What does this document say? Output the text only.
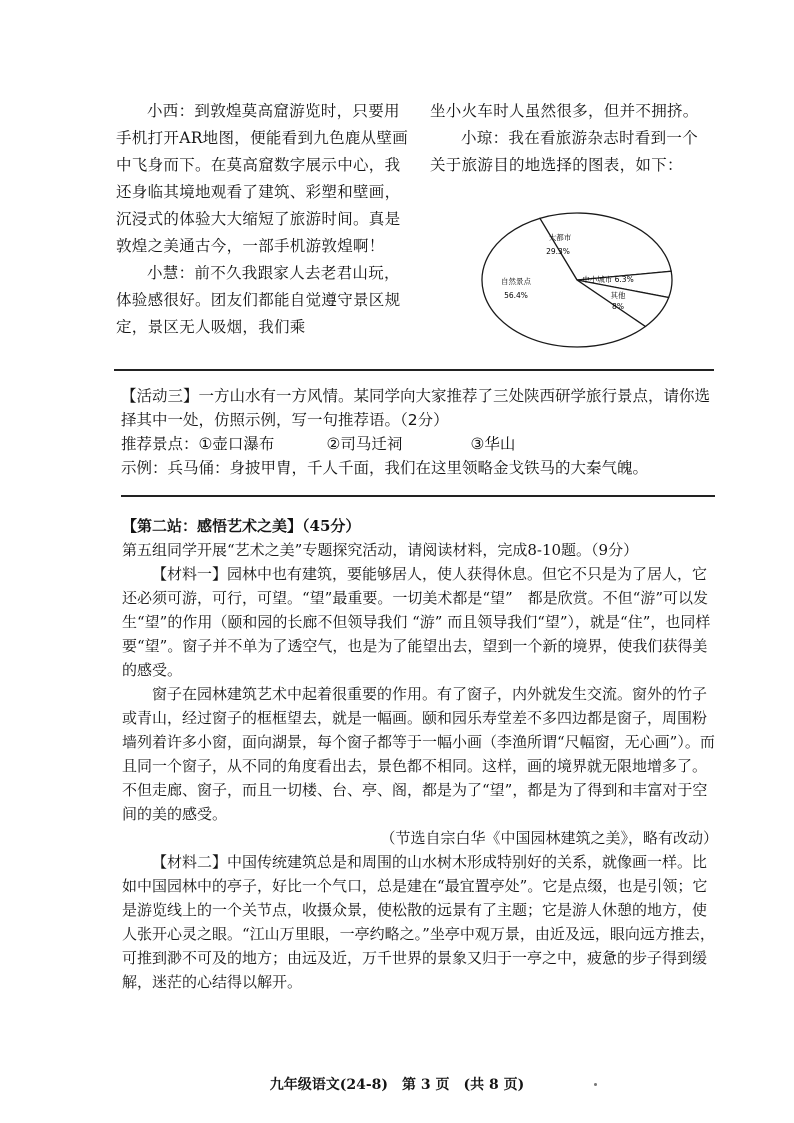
小西：到敦煌莫高窟游览时，只要用手机打开AR地图，便能看到九色鹿从壁画中飞身而下。在莫高窟数字展示中心，我还身临其境地观看了建筑、彩塑和壁画，沉浸式的体验大大缩短了旅游时间。真是敦煌之美通古今，一部手机游敦煌啊！

小慧：前不久我跟家人去老君山玩，体验感很好。团友们都能自觉遵守景区规定，景区无人吸烟，我们乘

坐小火车时人虽然很多，但并不拥挤。

小琼：我在看旅游杂志时看到一个关于旅游目的地选择的图表，如下：

自然景点
56.4%
大都市
29.3%
中小城市 6.3%
其他
8%

【活动三】一方山水有一方风情。某同学向大家推荐了三处陕西研学旅行景点，请你选择其中一处，仿照示例，写一句推荐语。（2分）

推荐景点：①壶口瀑布	②司马迁祠	③华山

示例：兵马俑：身披甲胄，千人千面，我们在这里领略金戈铁马的大秦气魄。

【第二站：感悟艺术之美】（45分）

第五组同学开展“艺术之美”专题探究活动，请阅读材料，完成8-10题。（9分）

【材料一】园林中也有建筑，要能够居人，使人获得休息。但它不只是为了居人，它还必须可游，可行，可望。“望”最重要。一切美术都是“望”　都是欣赏。不但“游”可以发生“望”的作用（颐和园的长廊不但领导我们 “游” 而且领导我们“望”），就是“住”，也同样要“望”。窗子并不单为了透空气，也是为了能望出去，望到一个新的境界，使我们获得美的感受。

窗子在园林建筑艺术中起着很重要的作用。有了窗子，内外就发生交流。窗外的竹子或青山，经过窗子的框框望去，就是一幅画。颐和园乐寿堂差不多四边都是窗子，周围粉墙列着许多小窗，面向湖景，每个窗子都等于一幅小画（李渔所谓“尺幅窗，无心画”）。而且同一个窗子，从不同的角度看出去，景色都不相同。这样，画的境界就无限地增多了。不但走廊、窗子，而且一切楼、台、亭、阁，都是为了“望”，都是为了得到和丰富对于空间的美的感受。

（节选自宗白华《中国园林建筑之美》，略有改动）

【材料二】中国传统建筑总是和周围的山水树木形成特别好的关系，就像画一样。比如中国园林中的亭子，好比一个气口，总是建在“最宜置亭处”。它是点缀，也是引领；它是游览线上的一个关节点，收摄众景，使松散的远景有了主题；它是游人休憩的地方，使人张开心灵之眼。“江山万里眼，一亭约略之。”坐亭中观万景，由近及远，眼向远方推去，可推到渺不可及的地方；由远及近，万千世界的景象又归于一亭之中，疲惫的步子得到缓解，迷茫的心结得以解开。

九年级语文(24-8)　第 3 页　(共 8 页)
